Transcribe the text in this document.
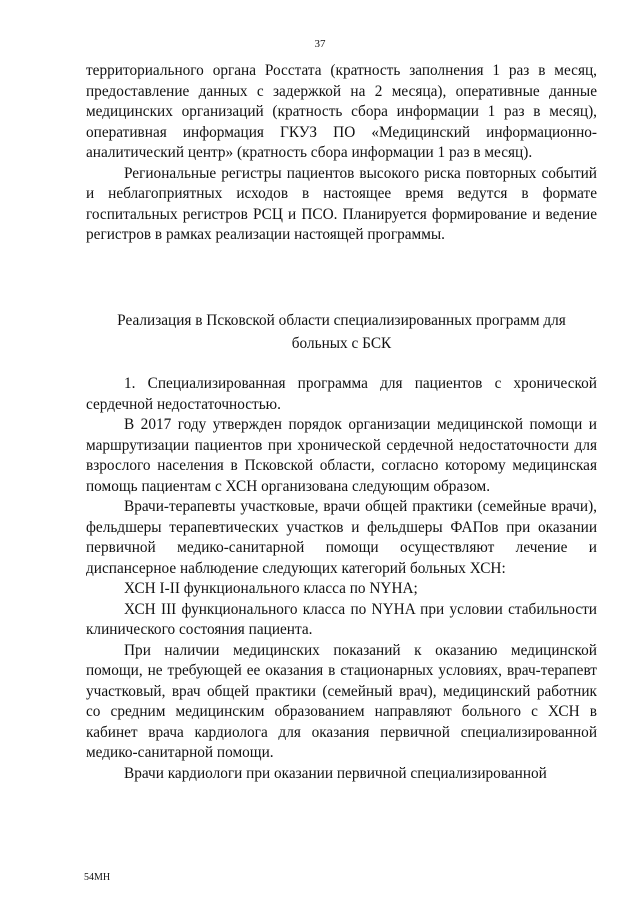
37

территориального органа Росстата (кратность заполнения 1 раз в месяц, предоставление данных с задержкой на 2 месяца), оперативные данные медицинских организаций (кратность сбора информации 1 раз в месяц), оперативная информация ГКУЗ ПО «Медицинский информационно-аналитический центр» (кратность сбора информации 1 раз в месяц).

Региональные регистры пациентов высокого риска повторных событий и неблагоприятных исходов в настоящее время ведутся в формате госпитальных регистров РСЦ и ПСО. Планируется формирование и ведение регистров в рамках реализации настоящей программы.

Реализация в Псковской области специализированных программ для
больных с БСК

1. Специализированная программа для пациентов с хронической сердечной недостаточностью.

В 2017 году утвержден порядок организации медицинской помощи и маршрутизации пациентов при хронической сердечной недостаточности для взрослого населения в Псковской области, согласно которому медицинская помощь пациентам с ХСН организована следующим образом.

Врачи-терапевты участковые, врачи общей практики (семейные врачи), фельдшеры терапевтических участков и фельдшеры ФАПов при оказании первичной медико-санитарной помощи осуществляют лечение и диспансерное наблюдение следующих категорий больных ХСН:

ХСН I-II функционального класса по NYHA;

ХСН III функционального класса по NYHA при условии стабильности клинического состояния пациента.

При наличии медицинских показаний к оказанию медицинской помощи, не требующей ее оказания в стационарных условиях, врач-терапевт участковый, врач общей практики (семейный врач), медицинский работник со средним медицинским образованием направляют больного с ХСН в кабинет врача кардиолога для оказания первичной специализированной медико-санитарной помощи.

Врачи кардиологи при оказании первичной специализированной

54МН
